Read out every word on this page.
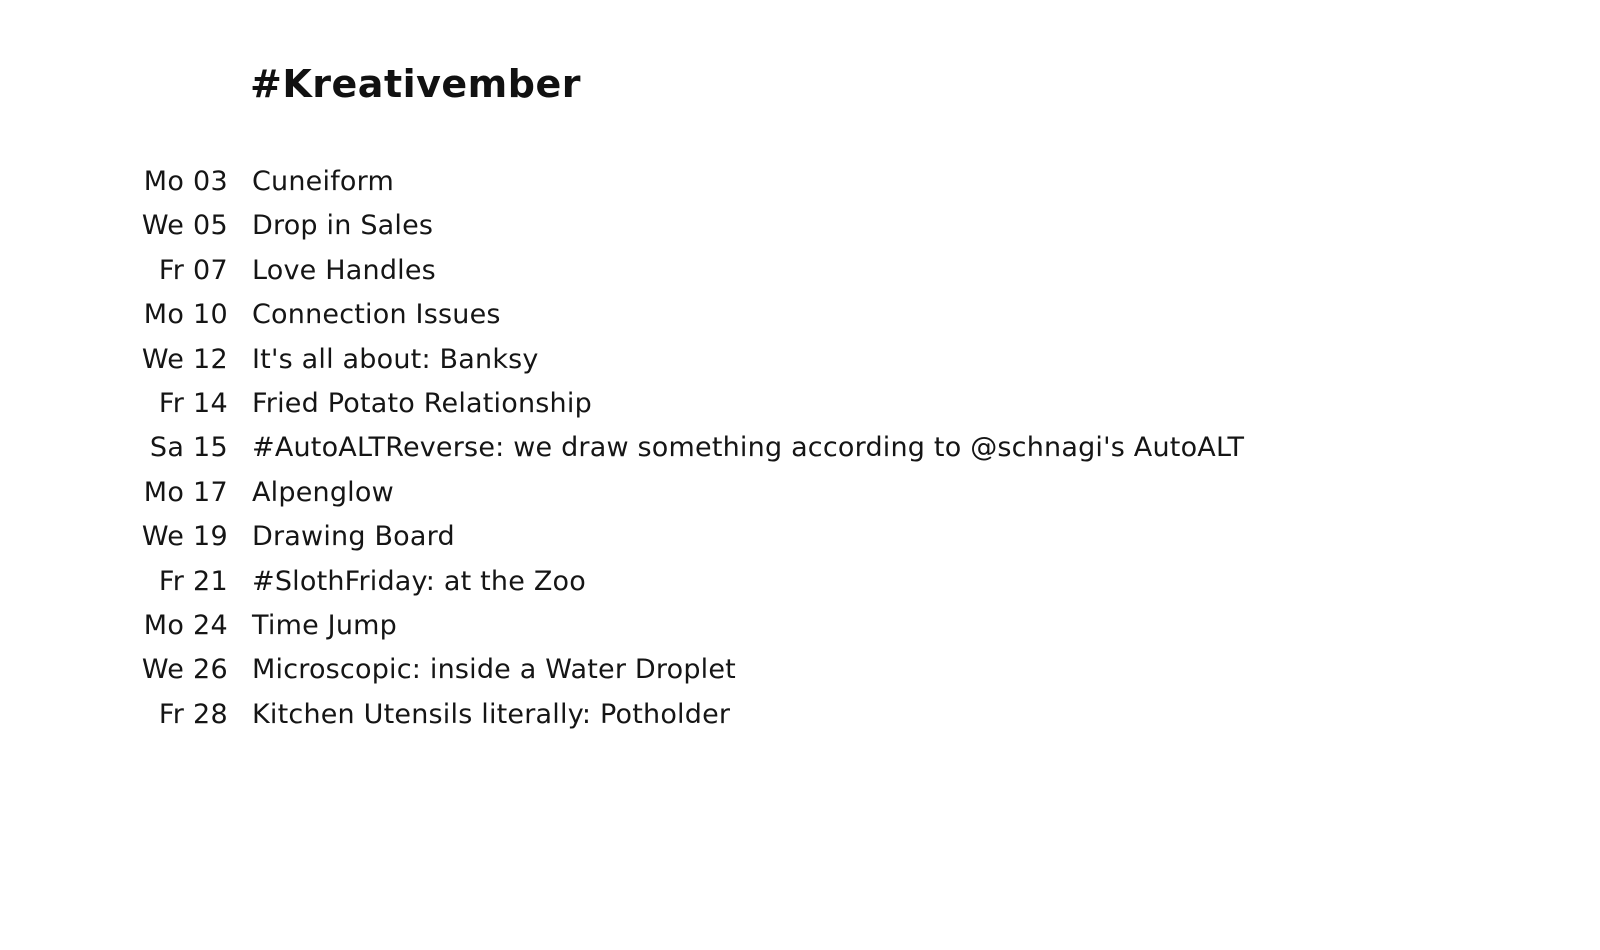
#Kreativember
Mo 03 Cuneiform
We 05 Drop in Sales
Fr 07 Love Handles
Mo 10 Connection Issues
We 12 It's all about: Banksy
Fr 14 Fried Potato Relationship
Sa 15 #AutoALTReverse: we draw something according to @schnagi's AutoALT
Mo 17 Alpenglow
We 19 Drawing Board
Fr 21 #SlothFriday: at the Zoo
Mo 24 Time Jump
We 26 Microscopic: inside a Water Droplet
Fr 28 Kitchen Utensils literally: Potholder
